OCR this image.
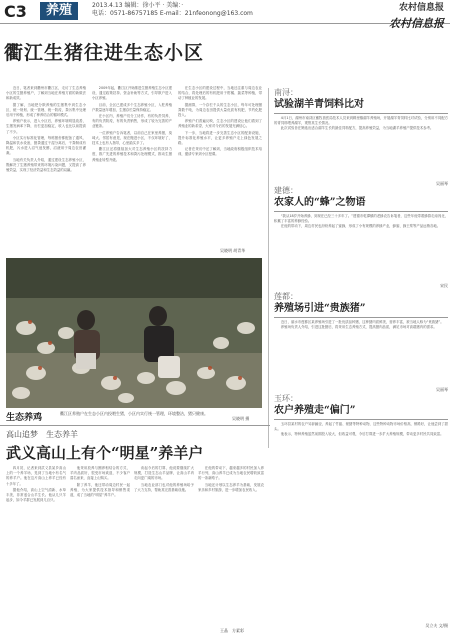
C3	养殖	2013.4.13 编辑：徐小平 · 美编：·
电话：0571-86757185 E-mail：21nfeonong@163.com
农村信息报
农村信息报
衢江生猪往进生态小区

近日，笔者来到衢州市衢江区，走访了生态养殖小区的生猪养殖户，了解到当地在养殖方面的新做法和新成效。

据了解，当地把分散养殖的生猪集中到生态小区，统一规划、统一管理、统一防疫，粪污集中处理后用于种植，形成了种养结合的循环模式。

养殖户表示，进入小区后，养殖环境明显改善，生猪发病率下降，出栏更加稳定，收入也比以前提高了不少。

小区实行标准化管理，每栋猪舍都配备了通风、降温和饮水设备，猪粪通过干湿分离后，干粪制成有机肥，污水进入沼气池发酵，沼液用于周边农田灌溉。

当地有关负责人介绍，通过建设生态养殖小区，既解决了生猪养殖带来的环境污染问题，又提高了养殖效益，实现了经济效益和生态效益的双赢。

2009年起，衢江区开始推进生猪养殖生态小区建设，通过政策扶持、资金补助等方式，引导散户进入小区养殖。

目前，全区已建成多个生态养殖小区，入驻养殖户数量逐年增加，生猪存栏量保持稳定。

在小区内，养殖户们分工协作，有的负责饲养，有的负责防疫，有的负责销售，形成了较为完善的产业链条。

一位养殖户告诉笔者，以前自己在家里养猪，臭味大、邻居有意见，现在搬进小区，不仅环境好了，技术上也有人指导，心里踏实多了。

衢江区还将继续加大对生态养殖小区的扶持力度，推广先进的养殖技术和粪污处理模式，推动生猪养殖业转型升级。

在生态小区的建设过程中，当地还注重与周边农业的结合，将处理后的有机肥用于柑橘、蔬菜等种植，带动了种植业的发展。

据测算，一个存栏千头的生态小区，每年可处理猪粪数千吨，为周边农田提供大量优质有机肥，节约化肥投入。

养殖户们普遍反映，生态小区的建设让他们看到了养殖业的新希望，大家对今后的发展充满信心。

下一步，当地将进一步完善生态小区的配套设施，提升标准化养殖水平，让更多养殖户走上绿色发展之路。

记者在采访中还了解到，当地政府积极组织技术培训，邀请专家到小区授课。

吴晓明 胡青华
生态养鸡	衢江区养殖户在生态小区内投喂生猪，小区内实行统一管理，环境整洁，猪只健康。
吴晓明 摄
南浔：
试验湖羊青饲料比对

4月1日，湖州市南浔区畜牧兽医局技术人员来到辑里镇湖羊养殖场，开展湖羊青饲料比对试验，分别用不同配方的青饲料喂养湖羊，观察其生长情况。

此次试验旨在筛选出适合湖羊生长的最佳饲料配方，提高养殖效益，为当地湖羊养殖户提供技术参考。

吴丽琴
建德：
农家人的“蜂”之物语

“我从18岁开始养蜂，到现在已经三十多年了。”建德市乾潭镇的老蜂农告诉笔者，这些年他带着蜂群走南闯北，积累了丰富的养蜂经验。

在他的带动下，周边村民也纷纷养起了蜜蜂，形成了小有规模的养蜂产业，蜂蜜、蜂王浆等产品远销各地。

宋民
莲都：
养殖场引进“贵族猪”

近日，丽水市莲都区某养殖场引进了一批优质品种猪，这种猪肉质鲜美，营养丰富，被当地人称为“贵族猪”。

养殖场负责人介绍，引进这批猪后，将采用生态养殖方式，提高猪肉品质，满足市场对高端猪肉的需求。

吴丽琴
玉环：
农户养殖走“偏门”

玉环县某村的农户另辟蹊径，养起了竹鼠、豪猪等特种动物，这些特种动物市场价格高，销路好，让他尝到了甜头。

他表示，特种养殖虽然前期投入较大，但收益可观，今后打算进一步扩大养殖规模，带动更多村民共同致富。

吴立夫 文/摄
高山追梦　生态养羊
武义高山上有个“明星”养羊户

四月初，记者来到武义县某乡高山上的一个养羊场，见到了当地小有名气的养羊户。他在这片高山上养羊已经有十多年了。

据他介绍，高山上空气清新、水草丰美，非常适合山羊生长。他从几只羊起步，如今羊群已发展到几百只。

他采用放养与圈养相结合的方式，羊肉品质好，很受市场欢迎，不少客户慕名而来，直接上山购买。

除了养羊，他还带动周边村民一起养殖，为大家提供技术指导和销售渠道，成了当地的“明星”养羊户。

谈起今后的打算，他说要继续扩大规模，打造生态山羊品牌，让高山羊肉走向更广阔的市场。

当地农业部门也对他的养殖场给予了大力支持，帮助其完善基础设施。

在他的带动下，越来越多的村民加入养羊行列，高山养羊已成为当地农民增收致富的一条新路子。

当地还计划以生态养羊为基础，发展农家乐和乡村旅游，进一步增加农民收入。

王晶　方素彩
